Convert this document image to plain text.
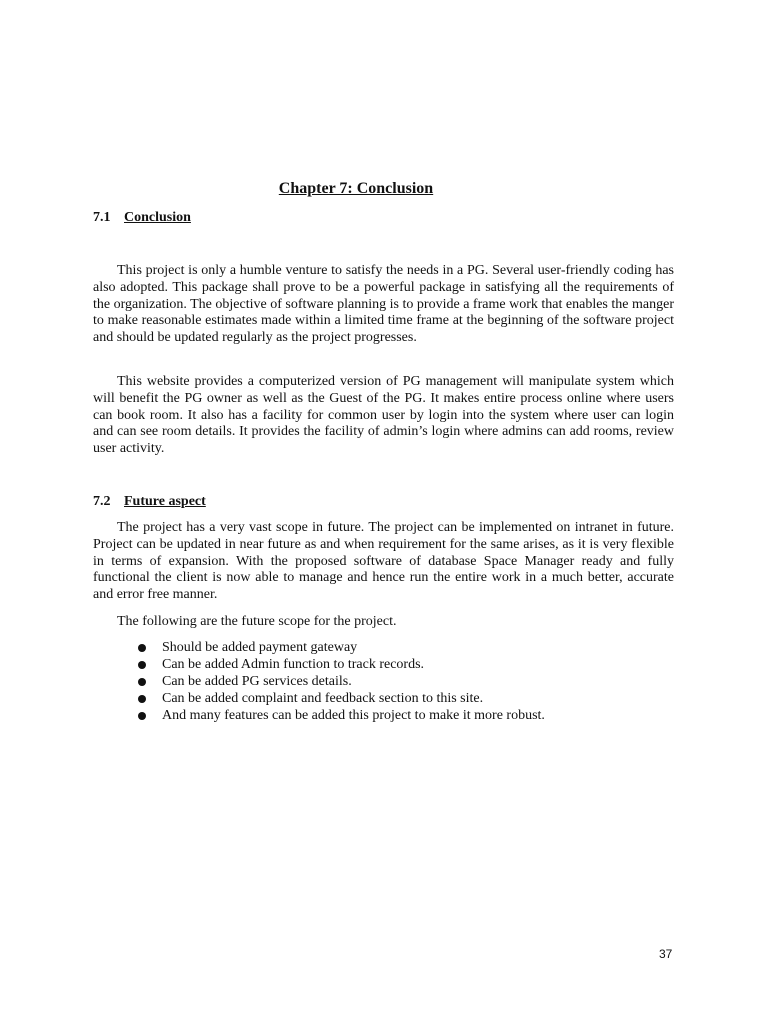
Chapter 7: Conclusion
7.1 Conclusion

This project is only a humble venture to satisfy the needs in a PG. Several user-friendly coding has also adopted. This package shall prove to be a powerful package in satisfying all the requirements of the organization. The objective of software planning is to provide a frame work that enables the manger to make reasonable estimates made within a limited time frame at the beginning of the software project and should be updated regularly as the project progresses.

This website provides a computerized version of PG management will manipulate system which will benefit the PG owner as well as the Guest of the PG. It makes entire process online where users can book room. It also has a facility for common user by login into the system where user can login and can see room details. It provides the facility of admin’s login where admins can add rooms, review user activity.

7.2 Future aspect

The project has a very vast scope in future. The project can be implemented on intranet in future. Project can be updated in near future as and when requirement for the same arises, as it is very flexible in terms of expansion. With the proposed software of database Space Manager ready and fully functional the client is now able to manage and hence run the entire work in a much better, accurate and error free manner.

The following are the future scope for the project.

Should be added payment gateway
Can be added Admin function to track records.
Can be added PG services details.
Can be added complaint and feedback section to this site.
And many features can be added this project to make it more robust.

37
